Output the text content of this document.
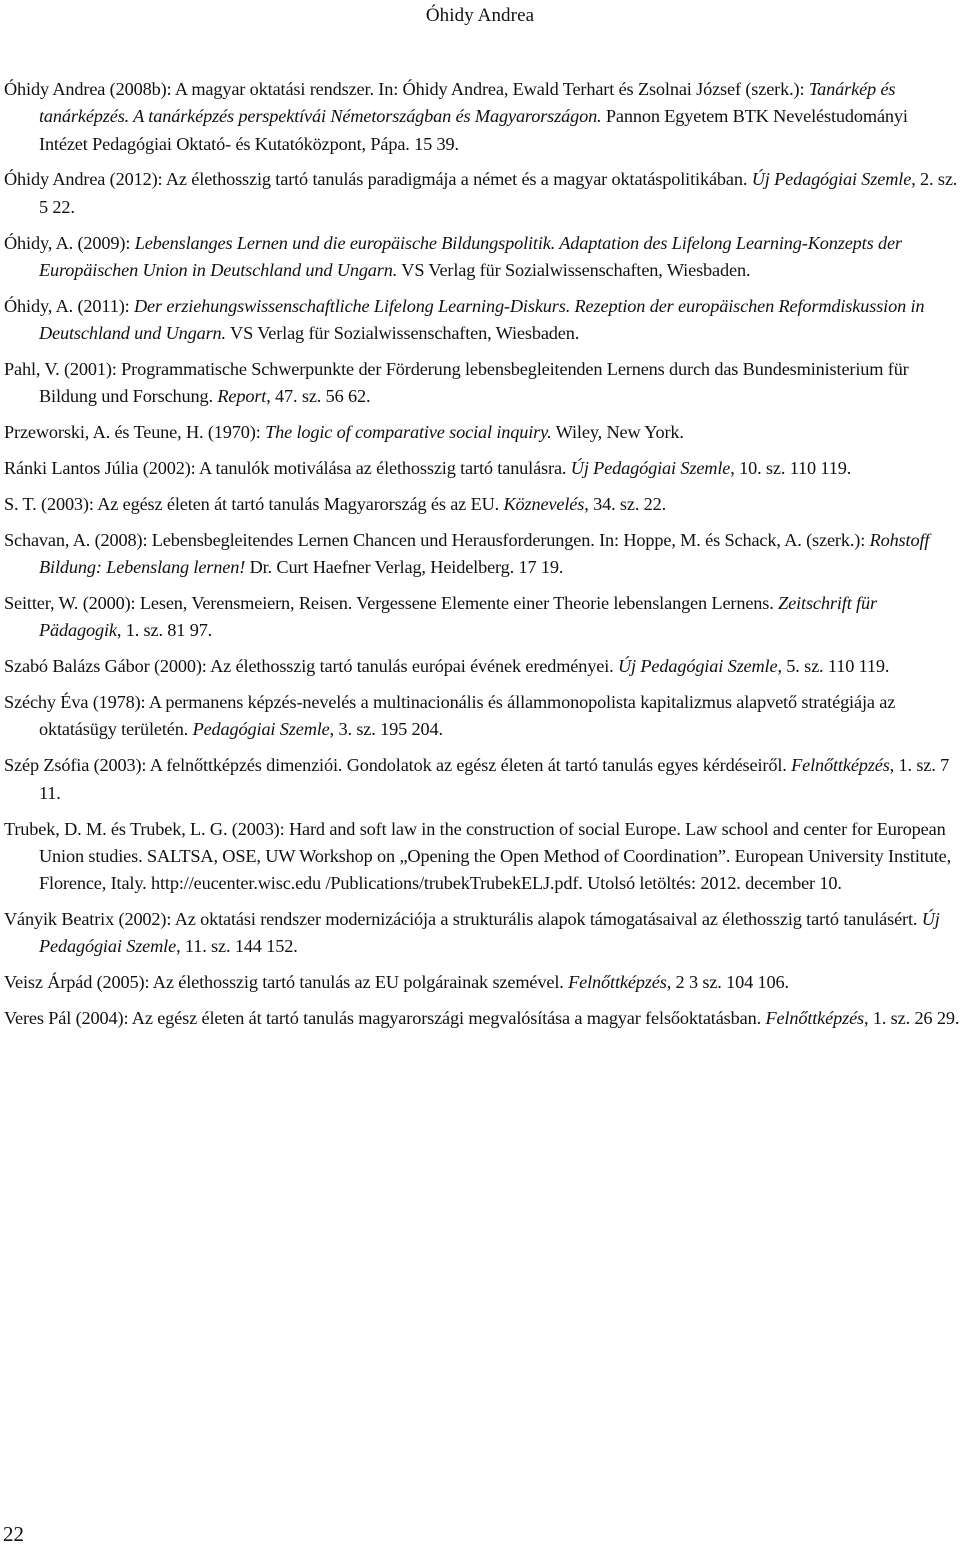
Óhidy Andrea

Óhidy Andrea (2008b): A magyar oktatási rendszer. In: Óhidy Andrea, Ewald Terhart és Zsolnai József (szerk.): Tanárkép és tanárképzés. A tanárképzés perspektívái Németországban és Magyarországon. Pannon Egyetem BTK Neveléstudományi Intézet Pedagógiai Oktató- és Kutatóközpont, Pápa. 15 39.

Óhidy Andrea (2012): Az élethosszig tartó tanulás paradigmája a német és a magyar oktatáspolitikában. Új Pedagógiai Szemle, 2. sz. 5 22.

Óhidy, A. (2009): Lebenslanges Lernen und die europäische Bildungspolitik. Adaptation des Lifelong Learning-Konzepts der Europäischen Union in Deutschland und Ungarn. VS Verlag für Sozialwissenschaften, Wiesbaden.

Óhidy, A. (2011): Der erziehungswissenschaftliche Lifelong Learning-Diskurs. Rezeption der europäischen Reformdiskussion in Deutschland und Ungarn. VS Verlag für Sozialwissenschaften, Wiesbaden.

Pahl, V. (2001): Programmatische Schwerpunkte der Förderung lebensbegleitenden Lernens durch das Bundesministerium für Bildung und Forschung. Report, 47. sz. 56 62.

Przeworski, A. és Teune, H. (1970): The logic of comparative social inquiry. Wiley, New York.

Ránki Lantos Júlia (2002): A tanulók motiválása az élethosszig tartó tanulásra. Új Pedagógiai Szemle, 10. sz. 110 119.

S. T. (2003): Az egész életen át tartó tanulás Magyarország és az EU. Köznevelés, 34. sz. 22.

Schavan, A. (2008): Lebensbegleitendes Lernen Chancen und Herausforderungen. In: Hoppe, M. és Schack, A. (szerk.): Rohstoff Bildung: Lebenslang lernen! Dr. Curt Haefner Verlag, Heidelberg. 17 19.

Seitter, W. (2000): Lesen, Verensmeiern, Reisen. Vergessene Elemente einer Theorie lebenslangen Lernens. Zeitschrift für Pädagogik, 1. sz. 81 97.

Szabó Balázs Gábor (2000): Az élethosszig tartó tanulás európai évének eredményei. Új Pedagógiai Szemle, 5. sz. 110 119.

Széchy Éva (1978): A permanens képzés-nevelés a multinacionális és állammonopolista kapitalizmus alapvető stratégiája az oktatásügy területén. Pedagógiai Szemle, 3. sz. 195 204.

Szép Zsófia (2003): A felnőttképzés dimenziói. Gondolatok az egész életen át tartó tanulás egyes kérdéseiről. Felnőttképzés, 1. sz. 7 11.

Trubek, D. M. és Trubek, L. G. (2003): Hard and soft law in the construction of social Europe. Law school and center for European Union studies. SALTSA, OSE, UW Workshop on „Opening the Open Method of Coordination”. European University Institute, Florence, Italy. http://eucenter.wisc.edu /Publications/trubekTrubekELJ.pdf. Utolsó letöltés: 2012. december 10.

Ványik Beatrix (2002): Az oktatási rendszer modernizációja a strukturális alapok támogatásaival az élethosszig tartó tanulásért. Új Pedagógiai Szemle, 11. sz. 144 152.

Veisz Árpád (2005): Az élethosszig tartó tanulás az EU polgárainak szemével. Felnőttképzés, 2 3 sz. 104 106.

Veres Pál (2004): Az egész életen át tartó tanulás magyarországi megvalósítása a magyar felsőoktatásban. Felnőttképzés, 1. sz. 26 29.

22
